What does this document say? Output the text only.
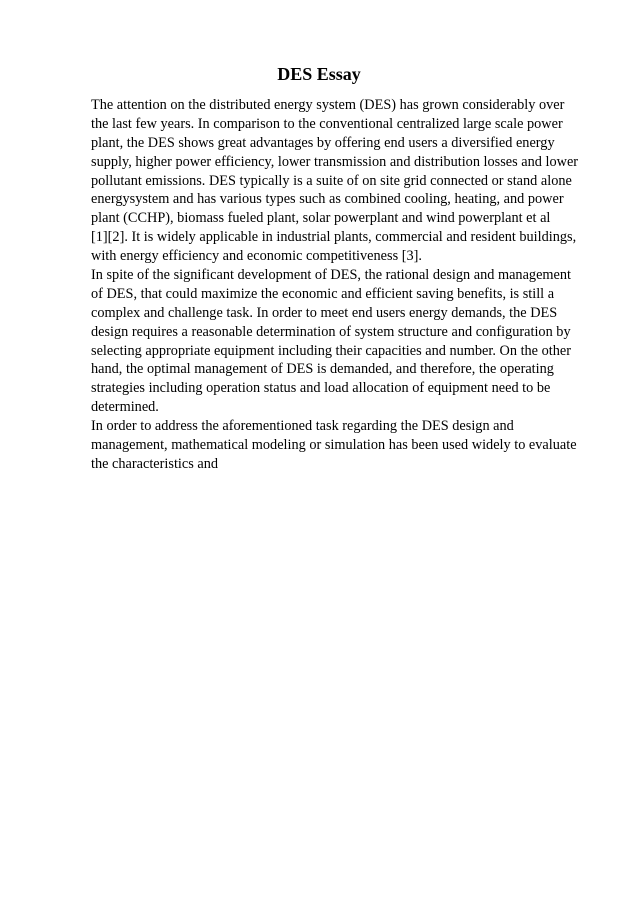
DES Essay
The attention on the distributed energy system (DES) has grown considerably over
the last few years. In comparison to the conventional centralized large scale power
plant, the DES shows great advantages by offering end users a diversified energy
supply, higher power efficiency, lower transmission and distribution losses and lower
pollutant emissions. DES typically is a suite of on site grid connected or stand alone
energysystem and has various types such as combined cooling, heating, and power
plant (CCHP), biomass fueled plant, solar powerplant and wind powerplant et al
[1][2]. It is widely applicable in industrial plants, commercial and resident buildings,
with energy efficiency and economic competitiveness [3].
In spite of the significant development of DES, the rational design and management
of DES, that could maximize the economic and efficient saving benefits, is still a
complex and challenge task. In order to meet end users energy demands, the DES
design requires a reasonable determination of system structure and configuration by
selecting appropriate equipment including their capacities and number. On the other
hand, the optimal management of DES is demanded, and therefore, the operating
strategies including operation status and load allocation of equipment need to be
determined.
In order to address the aforementioned task regarding the DES design and
management, mathematical modeling or simulation has been used widely to evaluate
the characteristics and
